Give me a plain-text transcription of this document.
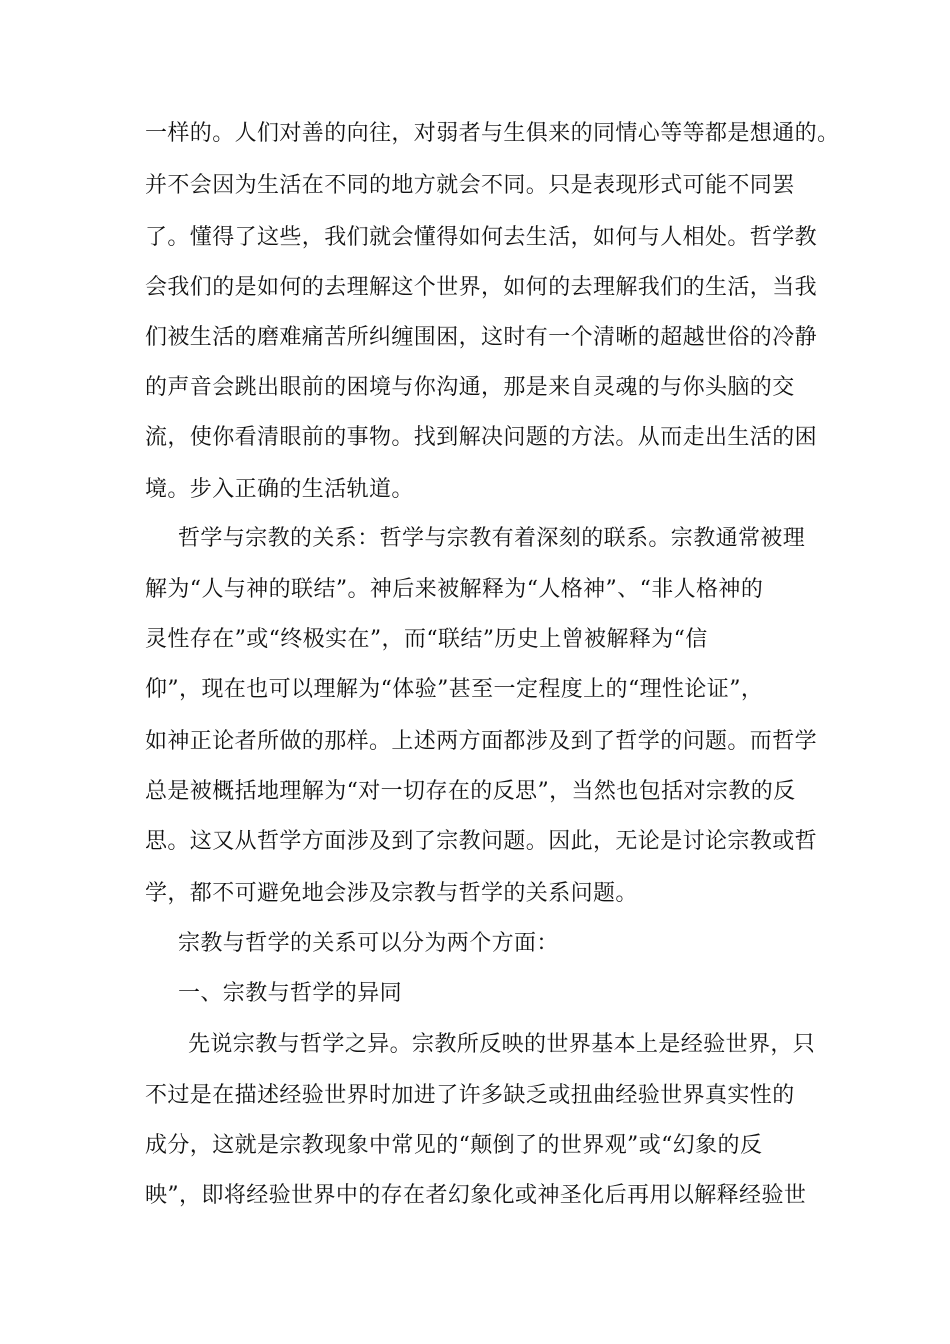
一样的。人们对善的向往，对弱者与生俱来的同情心等等都是想通的。
并不会因为生活在不同的地方就会不同。只是表现形式可能不同罢
了。懂得了这些，我们就会懂得如何去生活，如何与人相处。哲学教
会我们的是如何的去理解这个世界，如何的去理解我们的生活，当我
们被生活的磨难痛苦所纠缠围困，这时有一个清晰的超越世俗的冷静
的声音会跳出眼前的困境与你沟通，那是来自灵魂的与你头脑的交
流，使你看清眼前的事物。找到解决问题的方法。从而走出生活的困
境。步入正确的生活轨道。
哲学与宗教的关系：哲学与宗教有着深刻的联系。宗教通常被理
解为“人与神的联结”。神后来被解释为“人格神”、“非人格神的
灵性存在”或“终极实在”，而“联结”历史上曾被解释为“信
仰”，现在也可以理解为“体验”甚至一定程度上的“理性论证”，
如神正论者所做的那样。上述两方面都涉及到了哲学的问题。而哲学
总是被概括地理解为“对一切存在的反思”，当然也包括对宗教的反
思。这又从哲学方面涉及到了宗教问题。因此，无论是讨论宗教或哲
学，都不可避免地会涉及宗教与哲学的关系问题。
宗教与哲学的关系可以分为两个方面：
一、宗教与哲学的异同
先说宗教与哲学之异。宗教所反映的世界基本上是经验世界，只
不过是在描述经验世界时加进了许多缺乏或扭曲经验世界真实性的
成分，这就是宗教现象中常见的“颠倒了的世界观”或“幻象的反
映”，即将经验世界中的存在者幻象化或神圣化后再用以解释经验世
